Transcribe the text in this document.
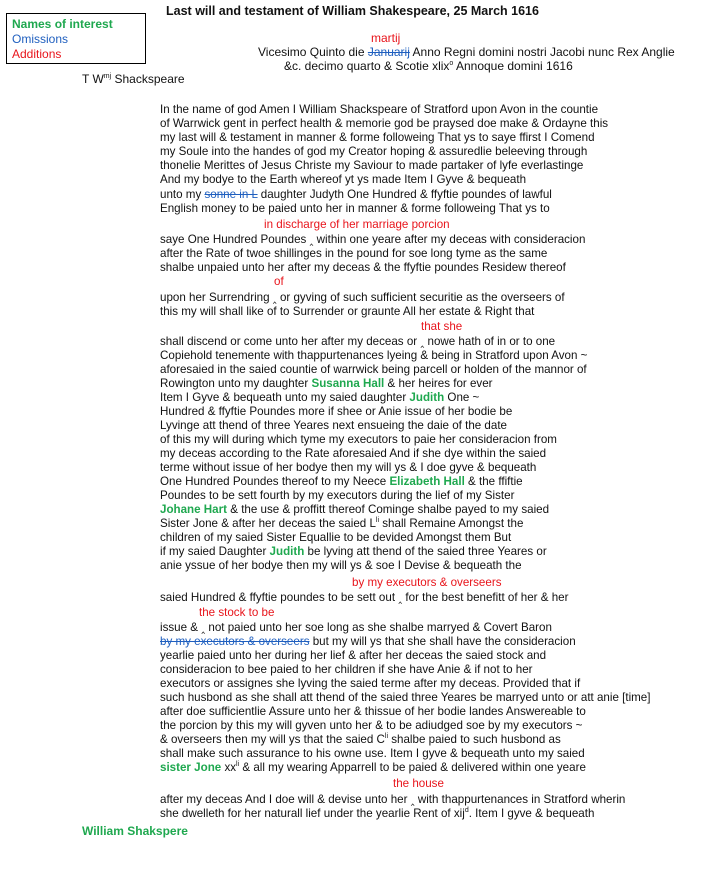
Last will and testament of William Shakespeare, 25 March 1616
Names of interest
Omissions
Additions
martij
Vicesimo Quinto die Januarij Anno Regni domini nostri Jacobi nunc Rex Anglie
&c. decimo quarto & Scotie xlix$^o$ Annoque domini 1616
T $W^{mj}$ Shackspeare
In the name of god Amen I William Shackspeare of Stratford upon Avon in the countie
of Warrwick gent in perfect health & memorie god be praysed doe make & Ordayne this
my last will & testament in manner & forme followeing That ys to saye ffirst I Comend
my Soule into the handes of god my Creator hoping & assuredlie beleeving through
thonelie Merittes of Jesus Christe my Saviour to made partaker of lyfe everlastinge
And my bodye to the Earth whereof yt ys made Item I Gyve & bequeath
unto my sonne in L daughter Judyth One Hundred & ffyftie poundes of lawful
English money to be paied unto her in manner & forme followeing That ys to
in discharge of her marriage porcion
saye One Hundred Poundes ‸ within one yeare after my deceas with consideracion
after the Rate of twoe shillinges in the pound for soe long tyme as the same
shalbe unpaied unto her after my deceas & the ffyftie poundes Residew thereof
of
upon her Surrendring ‸ or gyving of such sufficient securitie as the overseers of
this my will shall like of to Surrender or graunte All her estate & Right that
that she
shall discend or come unto her after my deceas or ‸ nowe hath of in or to one
Copiehold tenemente with thappurtenances lyeing & being in Stratford upon Avon ~
aforesaied in the saied countie of warrwick being parcell or holden of the mannor of
Rowington unto my daughter Susanna Hall & her heires for ever
Item I Gyve & bequeath unto my saied daughter Judith One ~
Hundred & ffyftie Poundes more if shee or Anie issue of her bodie be
Lyvinge att thend of three Yeares next ensueing the daie of the date
of this my will during which tyme my executors to paie her consideracion from
my deceas according to the Rate aforesaied And if she dye within the saied
terme without issue of her bodye then my will ys & I doe gyve & bequeath
One Hundred Poundes thereof to my Neece Elizabeth Hall & the ffiftie
Poundes to be sett fourth by my executors during the lief of my Sister
Johane Hart & the use & proffitt thereof Cominge shalbe payed to my saied
Sister Jone & after her deceas the saied $L^{li}$ shall Remaine Amongst the
children of my saied Sister Equallie to be devided Amongst them But
if my saied Daughter Judith be lyving att thend of the saied three Yeares or
anie yssue of her bodye then my will ys & soe I Devise & bequeath the
by my executors & overseers
saied Hundred & ffyftie poundes to be sett out ‸ for the best benefitt of her & her
the stock to be
issue & ‸ not paied unto her soe long as she shalbe marryed & Covert Baron
by my executors & overseers but my will ys that she shall have the consideracion
yearlie paied unto her during her lief & after her deceas the saied stock and
consideracion to bee paied to her children if she have Anie & if not to her
executors or assignes she lyving the saied terme after my deceas. Provided that if
such husbond as she shall att thend of the saied three Yeares be marryed unto or att anie [time]
after doe sufficientlie Assure unto her & thissue of her bodie landes Answereable to
the porcion by this my will gyven unto her & to be adiudged soe by my executors ~
& overseers then my will ys that the saied $C^{li}$ shalbe paied to such husbond as
shall make such assurance to his owne use. Item I gyve & bequeath unto my saied
sister Jone $xx^{li}$ & all my wearing Apparrell to be paied & delivered within one yeare
the house
after my deceas And I doe will & devise unto her ‸ with thappurtenances in Stratford wherin
she dwelleth for her naturall lief under the yearlie Rent of xij$^d$. Item I gyve & bequeath
William Shakspere
